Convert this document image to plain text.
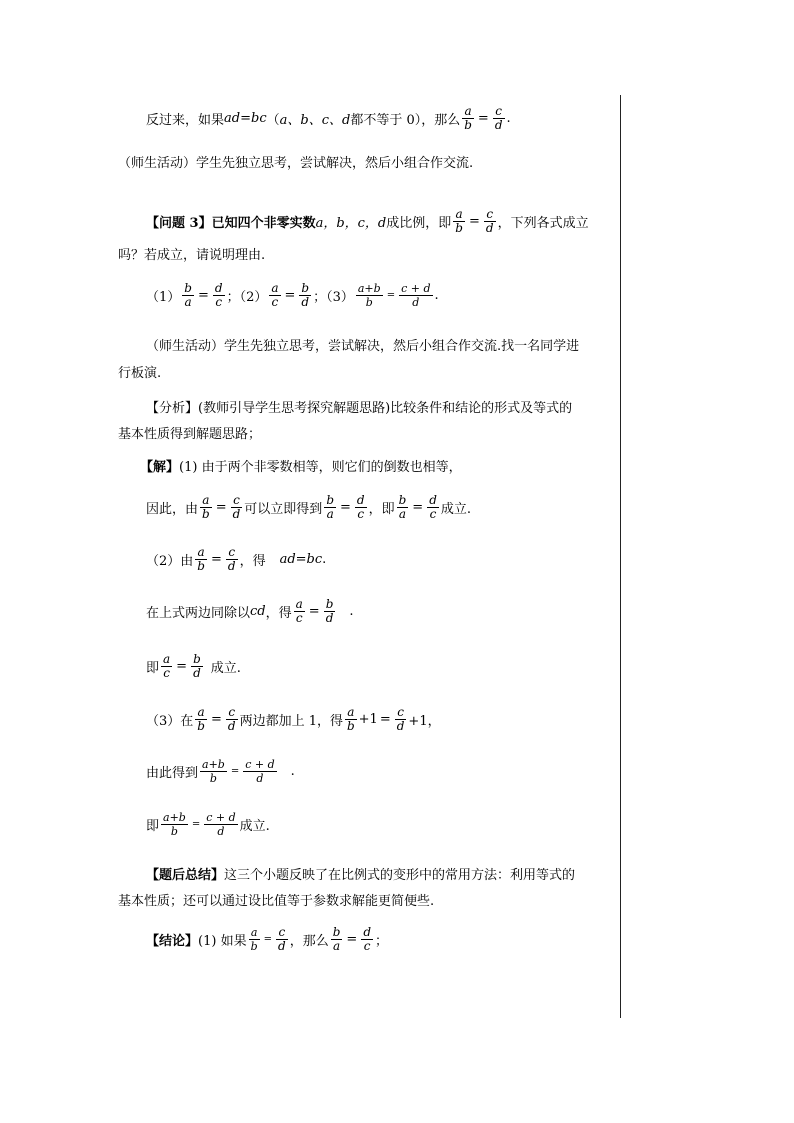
反过来，如果 ad = bc （ a、b、c、d 都不等于 0），那么 $\frac{a}{b} = \frac{c}{d}$ .
（师生活动）学生先独立思考，尝试解决，然后小组合作交流.
【问题 3】已知四个非零实数 a，b，c，d 成比例，即 $\frac{a}{b} = \frac{c}{d}$ ，下列各式成立
吗？若成立，请说明理由.
$(1) \frac{b}{a} = \frac{d}{c}$ ；$(2) \frac{a}{c} = \frac{b}{d}$ ；$(3) \frac{a+b}{b} = \frac{c + d}{d}$ .
（师生活动）学生先独立思考，尝试解决，然后小组合作交流.找一名同学进
行板演.
【分析】(教师引导学生思考探究解题思路)比较条件和结论的形式及等式的
基本性质得到解题思路；
【解】 (1) 由于两个非零数相等，则它们的倒数也相等，
因此，由 $\frac{a}{b} = \frac{c}{d}$ 可以立即得到 $\frac{b}{a} = \frac{d}{c}$ ，即 $\frac{b}{a} = \frac{d}{c}$ 成立.
（2）由 $\frac{a}{b} = \frac{c}{d}$ ，得 ad=bc .
在上式两边同除以 cd ，得 $\frac{a}{c} = \frac{b}{d}$ .
即 $\frac{a}{c} = \frac{b}{d}$ 成立.
（3）在 $\frac{a}{b} = \frac{c}{d}$ 两边都加上 1，得 $\frac{a}{b} +1 = \frac{c}{d} +1$，
由此得到 $\frac{a+b}{b} = \frac{c + d}{d}$ .
即 $\frac{a+b}{b} = \frac{c + d}{d}$ 成立.
【题后总结】 这三个小题反映了在比例式的变形中的常用方法：利用等式的
基本性质；还可以通过设比值等于参数求解能更简便些.
【结论】 (1) 如果 $\frac{a}{b} = \frac{c}{d}$ ，那么 $\frac{b}{a} = \frac{d}{c}$ ；
